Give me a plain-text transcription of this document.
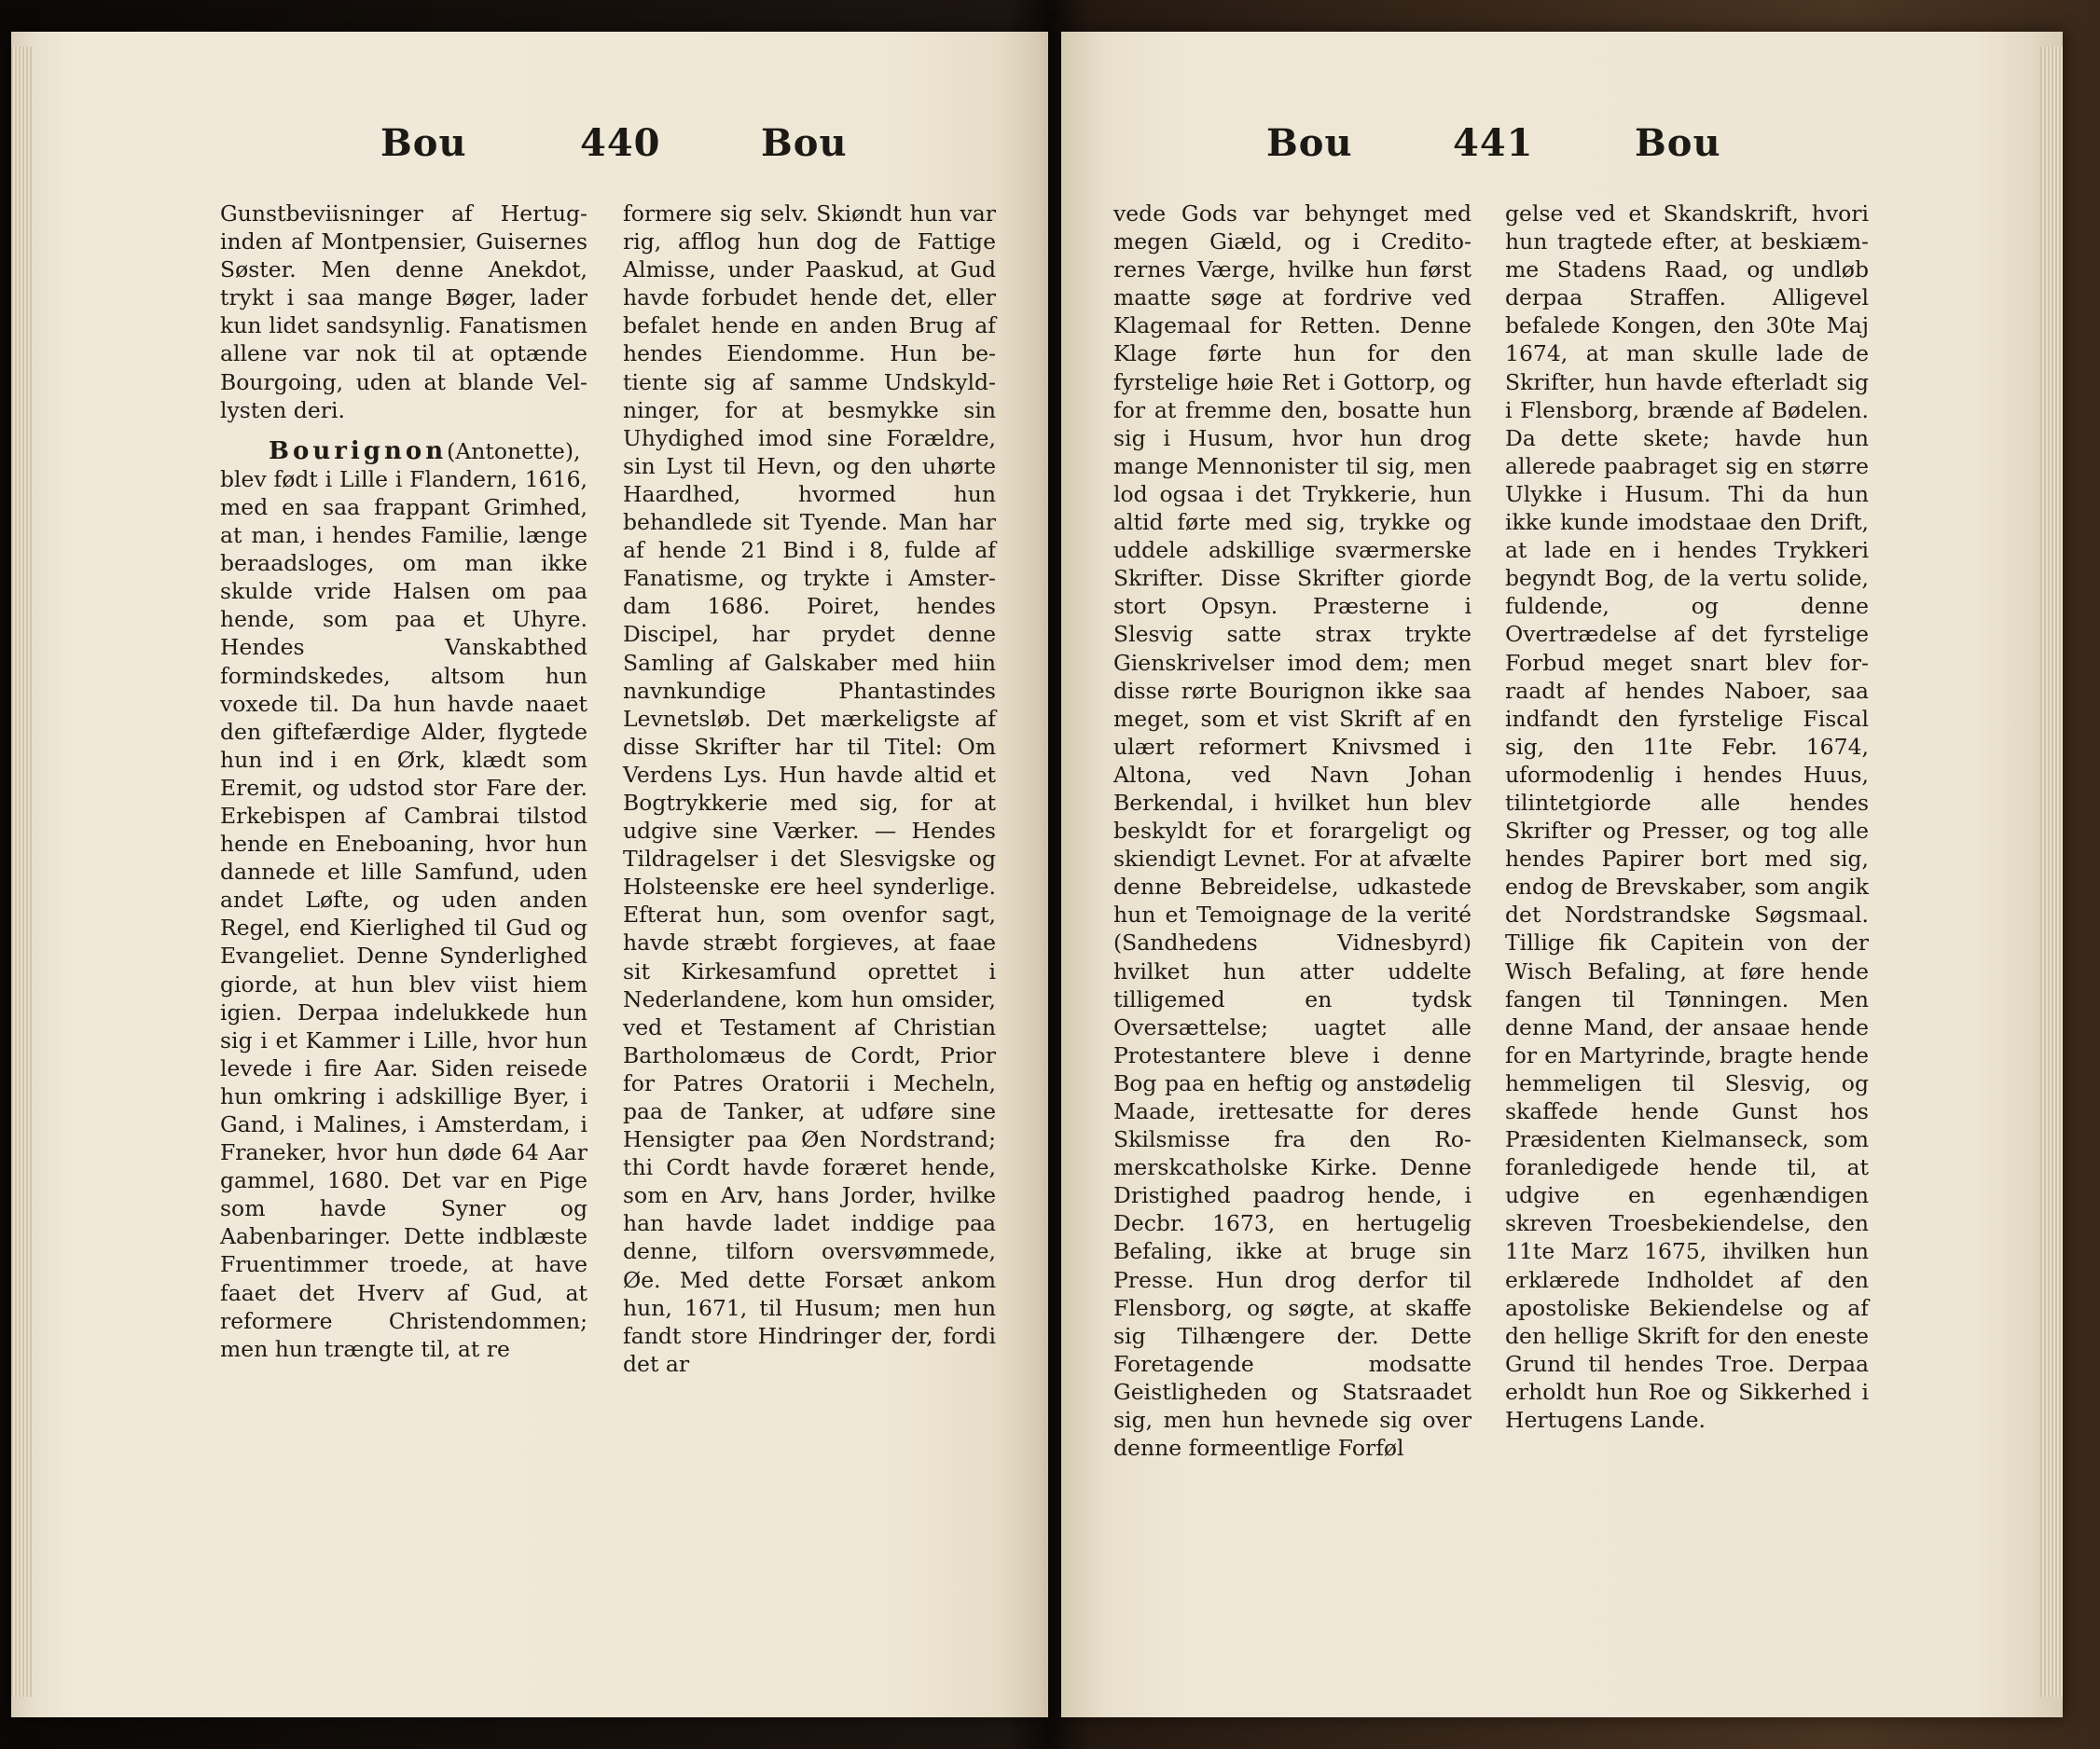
Bou	440	Bou

Gunstbeviisninger af Hertuginden af Montpensier, Guisernes Søster. Men denne Anekdot, trykt i saa mange Bøger, lader kun lidet sandsynlig. Fanatismen allene var nok til at optænde Bourgoing, uden at blande Vellysten deri.

Bourignon(Antonette), blev født i Lille i Flandern, 1616, med en saa frappant Grimhed, at man, i hendes Familie, længe beraadsloges, om man ikke skulde vride Halsen om paa hende, som paa et Uhyre. Hendes Vanskabthed formindskedes, altsom hun voxede til. Da hun havde naaet den giftefærdige Alder, flygtede hun ind i en Ørk, klædt som Eremit, og udstod stor Fare der. Erkebispen af Cambrai tilstod hende en Eneboaning, hvor hun dannede et lille Samfund, uden andet Løfte, og uden anden Regel, end Kierlighed til Gud og Evangeliet. Denne Synderlighed giorde, at hun blev viist hiem igien. Derpaa indelukkede hun sig i et Kammer i Lille, hvor hun levede i fire Aar. Siden reisede hun omkring i adskillige Byer, i Gand, i Malines, i Amsterdam, i Franeker, hvor hun døde 64 Aar gammel, 1680. Det var en Pige som havde Syner og Aabenbaringer. Dette indblæste Fruentimmer troede, at have faaet det Hverv af Gud, at reformere Christendommen; men hun trængte til, at re

formere sig selv. Skiøndt hun var rig, afflog hun dog de Fattige Almisse, under Paaskud, at Gud havde forbudet hende det, eller befalet hende en anden Brug af hendes Eiendomme. Hun betiente sig af samme Undskyldninger, for at besmykke sin Uhydighed imod sine Forældre, sin Lyst til Hevn, og den uhørte Haardhed, hvormed hun behandlede sit Tyende. Man har af hende 21 Bind i 8, fulde af Fanatisme, og trykte i Amsterdam 1686. Poiret, hendes Discipel, har prydet denne Samling af Galskaber med hiin navnkundige Phantastindes Levnetsløb. Det mærkeligste af disse Skrifter har til Titel: Om Verdens Lys. Hun havde altid et Bogtrykkerie med sig, for at udgive sine Værker. — Hendes Tildragelser i det Slesvigske og Holsteenske ere heel synderlige. Efterat hun, som ovenfor sagt, havde stræbt forgieves, at faae sit Kirkesamfund oprettet i Nederlandene, kom hun omsider, ved et Testament af Christian Bartholomæus de Cordt, Prior for Patres Oratorii i Mecheln, paa de Tanker, at udføre sine Hensigter paa Øen Nordstrand; thi Cordt havde foræret hende, som en Arv, hans Jorder, hvilke han havde ladet inddige paa denne, tilforn oversvømmede, Øe. Med dette Forsæt ankom hun, 1671, til Husum; men hun fandt store Hindringer der, fordi det ar

Bou	441	Bou

vede Gods var behynget med megen Giæld, og i Creditorernes Værge, hvilke hun først maatte søge at fordrive ved Klagemaal for Retten. Denne Klage førte hun for den fyrstelige høie Ret i Gottorp, og for at fremme den, bosatte hun sig i Husum, hvor hun drog mange Mennonister til sig, men lod ogsaa i det Trykkerie, hun altid førte med sig, trykke og uddele adskillige sværmerske Skrifter. Disse Skrifter giorde stort Opsyn. Præsterne i Slesvig satte strax trykte Gienskrivelser imod dem; men disse rørte Bourignon ikke saa meget, som et vist Skrift af en ulært reformert Knivsmed i Altona, ved Navn Johan Berkendal, i hvilket hun blev beskyldt for et forargeligt og skiendigt Levnet. For at afvælte denne Bebreidelse, udkastede hun et Temoignage de la verité (Sandhedens Vidnesbyrd) hvilket hun atter uddelte tilligemed en tydsk Oversættelse; uagtet alle Protestantere bleve i denne Bog paa en heftig og anstødelig Maade, irettesatte for deres Skilsmisse fra den Romerskcatholske Kirke. Denne Dristighed paadrog hende, i Decbr. 1673, en hertugelig Befaling, ikke at bruge sin Presse. Hun drog derfor til Flensborg, og søgte, at skaffe sig Tilhængere der. Dette Foretagende modsatte Geistligheden og Statsraadet sig, men hun hevnede sig over denne formeentlige Forføl

gelse ved et Skandskrift, hvori hun tragtede efter, at beskiæmme Stadens Raad, og undløb derpaa Straffen. Alligevel befalede Kongen, den 30te Maj 1674, at man skulle lade de Skrifter, hun havde efterladt sig i Flensborg, brænde af Bødelen. Da dette skete; havde hun allerede paabraget sig en større Ulykke i Husum. Thi da hun ikke kunde imodstaae den Drift, at lade en i hendes Trykkeri begyndt Bog, de la vertu solide, fuldende, og denne Overtrædelse af det fyrstelige Forbud meget snart blev forraadt af hendes Naboer, saa indfandt den fyrstelige Fiscal sig, den 11te Febr. 1674, uformodenlig i hendes Huus, tilintetgiorde alle hendes Skrifter og Presser, og tog alle hendes Papirer bort med sig, endog de Brevskaber, som angik det Nordstrandske Søgsmaal. Tillige fik Capitein von der Wisch Befaling, at føre hende fangen til Tønningen. Men denne Mand, der ansaae hende for en Martyrinde, bragte hende hemmeligen til Slesvig, og skaffede hende Gunst hos Præsidenten Kielmanseck, som foranledigede hende til, at udgive en egenhændigen skreven Troesbekiendelse, den 11te Marz 1675, ihvilken hun erklærede Indholdet af den apostoliske Bekiendelse og af den hellige Skrift for den eneste Grund til hendes Troe. Derpaa erholdt hun Roe og Sikkerhed i Hertugens Lande.
